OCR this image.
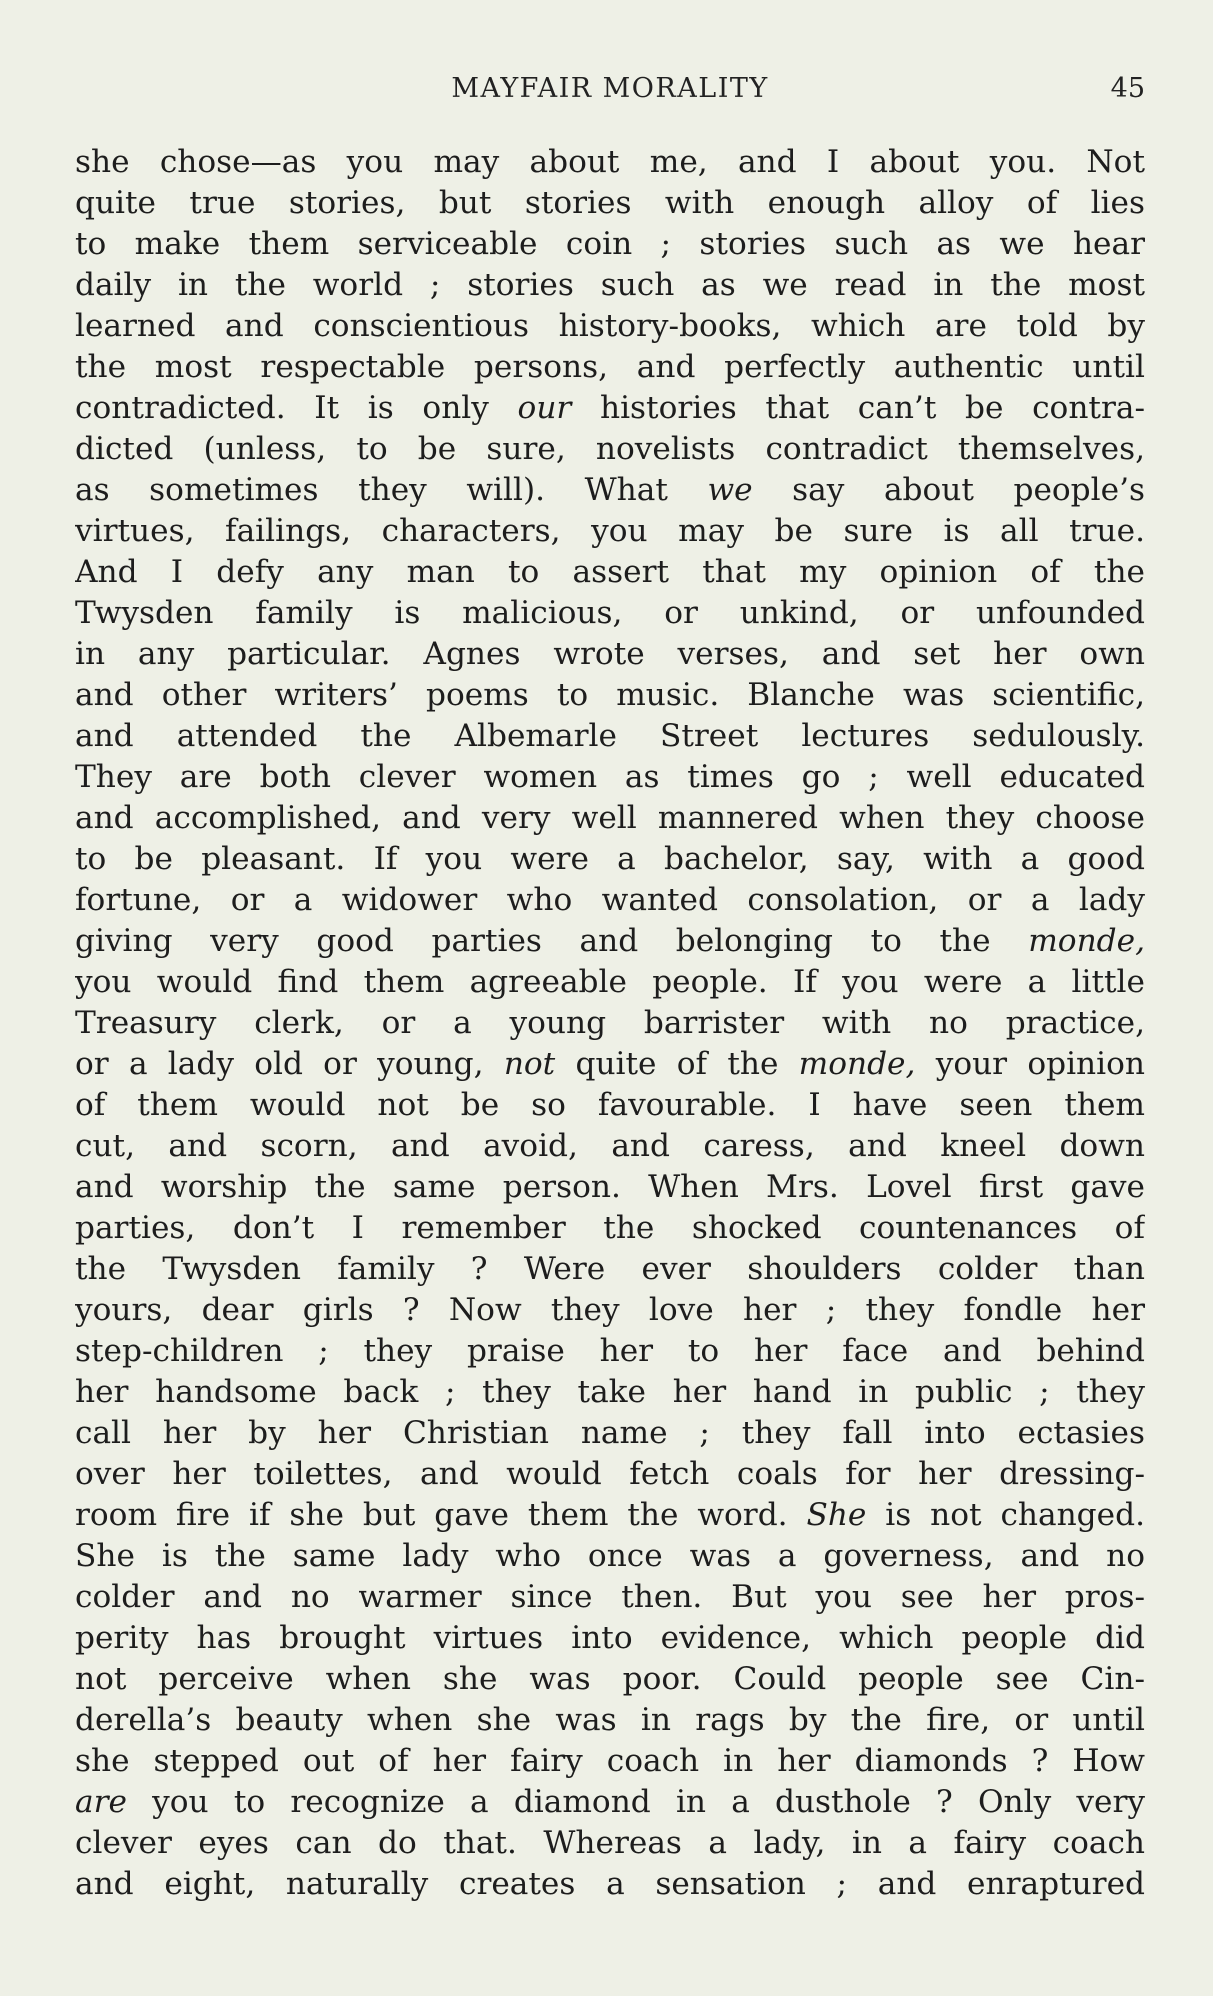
MAYFAIR MORALITY	45
she chose—as you may about me, and I about you. Not
quite true stories, but stories with enough alloy of lies
to make them serviceable coin ; stories such as we hear
daily in the world ; stories such as we read in the most
learned and conscientious history-books, which are told by
the most respectable persons, and perfectly authentic until
contradicted. It is only our histories that can’t be contra-
dicted (unless, to be sure, novelists contradict themselves,
as sometimes they will). What we say about people’s
virtues, failings, characters, you may be sure is all true.
And I defy any man to assert that my opinion of the
Twysden family is malicious, or unkind, or unfounded
in any particular. Agnes wrote verses, and set her own
and other writers’ poems to music. Blanche was scientific,
and attended the Albemarle Street lectures sedulously.
They are both clever women as times go ; well educated
and accomplished, and very well mannered when they choose
to be pleasant. If you were a bachelor, say, with a good
fortune, or a widower who wanted consolation, or a lady
giving very good parties and belonging to the monde,
you would find them agreeable people. If you were a little
Treasury clerk, or a young barrister with no practice,
or a lady old or young, not quite of the monde, your opinion
of them would not be so favourable. I have seen them
cut, and scorn, and avoid, and caress, and kneel down
and worship the same person. When Mrs. Lovel first gave
parties, don’t I remember the shocked countenances of
the Twysden family ? Were ever shoulders colder than
yours, dear girls ? Now they love her ; they fondle her
step-children ; they praise her to her face and behind
her handsome back ; they take her hand in public ; they
call her by her Christian name ; they fall into ectasies
over her toilettes, and would fetch coals for her dressing-
room fire if she but gave them the word. She is not changed.
She is the same lady who once was a governess, and no
colder and no warmer since then. But you see her pros-
perity has brought virtues into evidence, which people did
not perceive when she was poor. Could people see Cin-
derella’s beauty when she was in rags by the fire, or until
she stepped out of her fairy coach in her diamonds ? How
are you to recognize a diamond in a dusthole ? Only very
clever eyes can do that. Whereas a lady, in a fairy coach
and eight, naturally creates a sensation ; and enraptured
